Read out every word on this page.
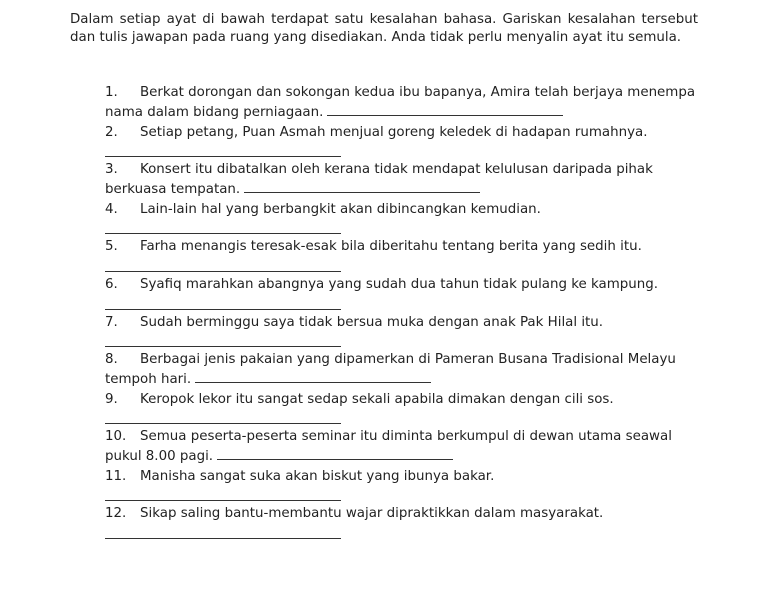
Dalam setiap ayat di bawah terdapat satu kesalahan bahasa. Gariskan kesalahan tersebut dan tulis jawapan pada ruang yang disediakan. Anda tidak perlu menyalin ayat itu semula.

1. Berkat dorongan dan sokongan kedua ibu bapanya, Amira telah berjaya menempa nama dalam bidang perniagaan.
2. Setiap petang, Puan Asmah menjual goreng keledek di hadapan rumahnya.
3. Konsert itu dibatalkan oleh kerana tidak mendapat kelulusan daripada pihak berkuasa tempatan.
4. Lain-lain hal yang berbangkit akan dibincangkan kemudian.
5. Farha menangis teresak-esak bila diberitahu tentang berita yang sedih itu.
6. Syafiq marahkan abangnya yang sudah dua tahun tidak pulang ke kampung.
7. Sudah berminggu saya tidak bersua muka dengan anak Pak Hilal itu.
8. Berbagai jenis pakaian yang dipamerkan di Pameran Busana Tradisional Melayu tempoh hari.
9. Keropok lekor itu sangat sedap sekali apabila dimakan dengan cili sos.
10. Semua peserta-peserta seminar itu diminta berkumpul di dewan utama seawal pukul 8.00 pagi.
11. Manisha sangat suka akan biskut yang ibunya bakar.
12. Sikap saling bantu-membantu wajar dipraktikkan dalam masyarakat.
